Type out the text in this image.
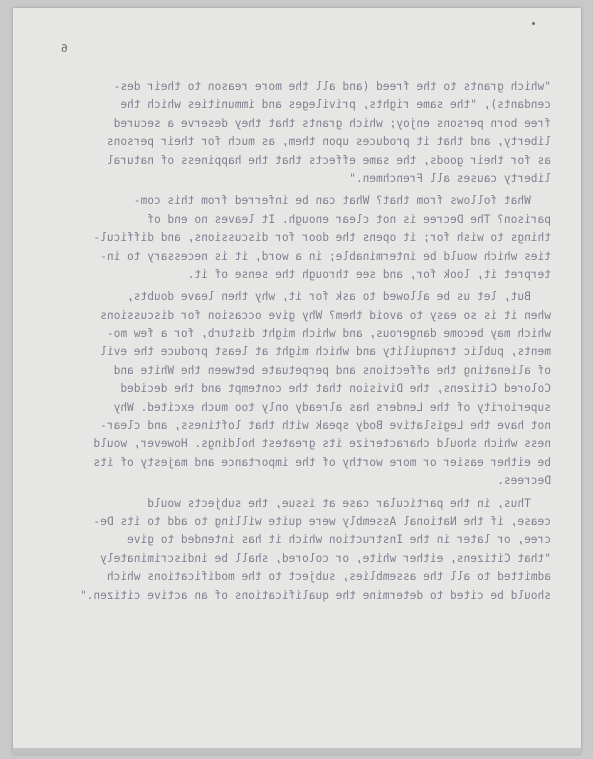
6
"which grants to the freed (and all the more reason to their des-
cendants), "the same rights, privileges and immunities which the
free born persons enjoy; which grants that they deserve a secured
liberty, and that it produces upon them, as much for their persons
as for their goods, the same effects that the happiness of natural
liberty causes all Frenchmen."
What follows from that? What can be inferred from this com-
parison? The Decree is not clear enough. It leaves no end of
things to wish for; it opens the door for discussions, and difficul-
ties which would be interminable; in a word, it is necessary to in-
terpret it, look for, and see through the sense of it.
But, let us be allowed to ask for it, why then leave doubts,
when it is so easy to avoid them? Why give occasion for discussions
which may become dangerous, and which might disturb, for a few mo-
ments, public tranquility and which might at least produce the evil
of alienating the affections and perpetuate between the White and
Colored Citizens, the Division that the contempt and the decided
superiority of the Lenders has already only too much excited. Why
not have the Legislative Body speak with that loftiness, and clear-
ness which should characterize its greatest holdings. However, would
be either easier or more worthy of the importance and majesty of its
Decrees.
Thus, in the particular case at issue, the subjects would
cease, if the National Assembly were quite willing to add to its De-
cree, or later in the Instruction which it has intended to give
"that Citizens, either white, or colored, shall be indiscriminately
admitted to all the assemblies, subject to the modifications which
should be cited to determine the qualifications of an active citizen."
